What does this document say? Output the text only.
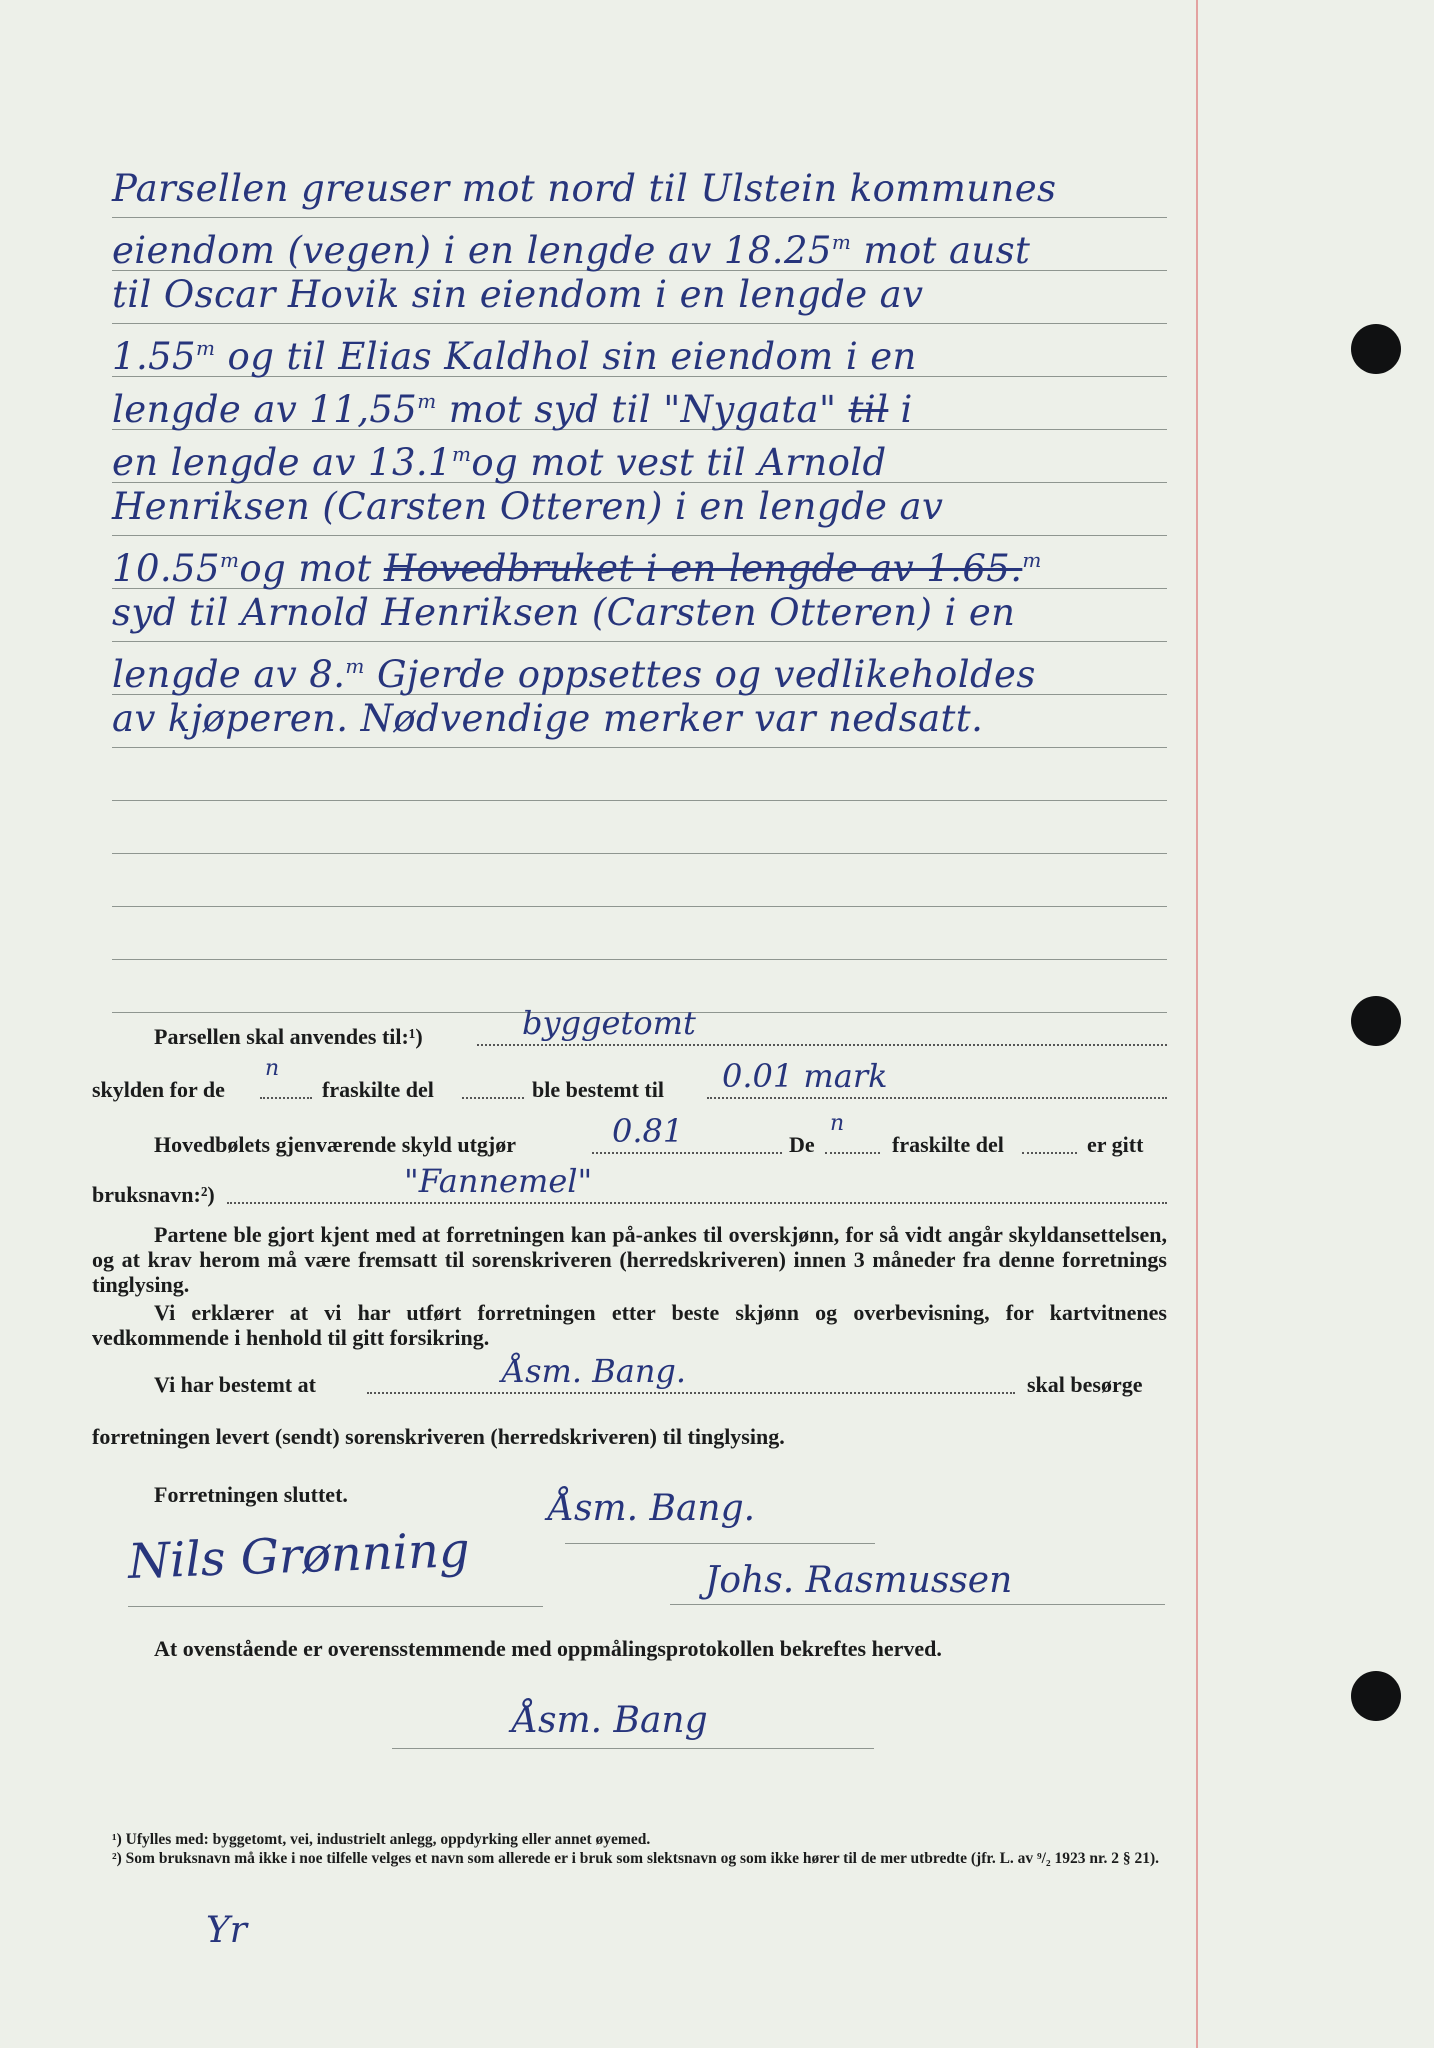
Parsellen greuser mot nord til Ulstein kommunes
eiendom (vegen) i en lengde av 18.25$^m$ mot aust
til Oscar Hovik sin eiendom i en lengde av
1.55$^m$ og til Elias Kaldhol sin eiendom i en
lengde av 11,55$^m$ mot syd til "Nygata" til i
en lengde av 13.1$^m$og mot vest til Arnold
Henriksen (Carsten Otteren) i en lengde av
10.55$^m$og mot Hovedbruket i en lengde av 1.65.$^m$
syd til Arnold Henriksen (Carsten Otteren) i en
lengde av 8.$^m$ Gjerde oppsettes og vedlikeholdes
av kjøperen. Nødvendige merker var nedsatt.
Parsellen skal anvendes til:¹)	byggetomt
skylden for de
n
fraskilte del	ble bestemt til 0.01 mark
Hovedbølets gjenværende skyld utgjør	0.81	De
n
fraskilte del	er gitt
bruksnavn:²)	"Fannemel"
Partene ble gjort kjent med at forretningen kan på-ankes til overskjønn, for så vidt angår skyldansettelsen, og at krav herom må være fremsatt til sorenskriveren (herredskriveren) innen 3 måneder fra denne forretnings tinglysing.
Vi erklærer at vi har utført forretningen etter beste skjønn og overbevisning, for kartvitnenes vedkommende i henhold til gitt forsikring.
Vi har bestemt at	Åsm. Bang.	skal besørge
forretningen levert (sendt) sorenskriveren (herredskriveren) til tinglysing.
Forretningen sluttet.
At ovenstående er overensstemmende med oppmålingsprotokollen bekreftes herved.
Åsm. Bang.
Nils Grønning	Johs. Rasmussen
Åsm. Bang
¹) Ufylles med: byggetomt, vei, industrielt anlegg, oppdyrking eller annet øyemed.
²) Som bruksnavn må ikke i noe tilfelle velges et navn som allerede er i bruk som slektsnavn og som ikke hører til de mer utbredte (jfr. L. av ⁹/₂ 1923 nr. 2 § 21).
Yr
